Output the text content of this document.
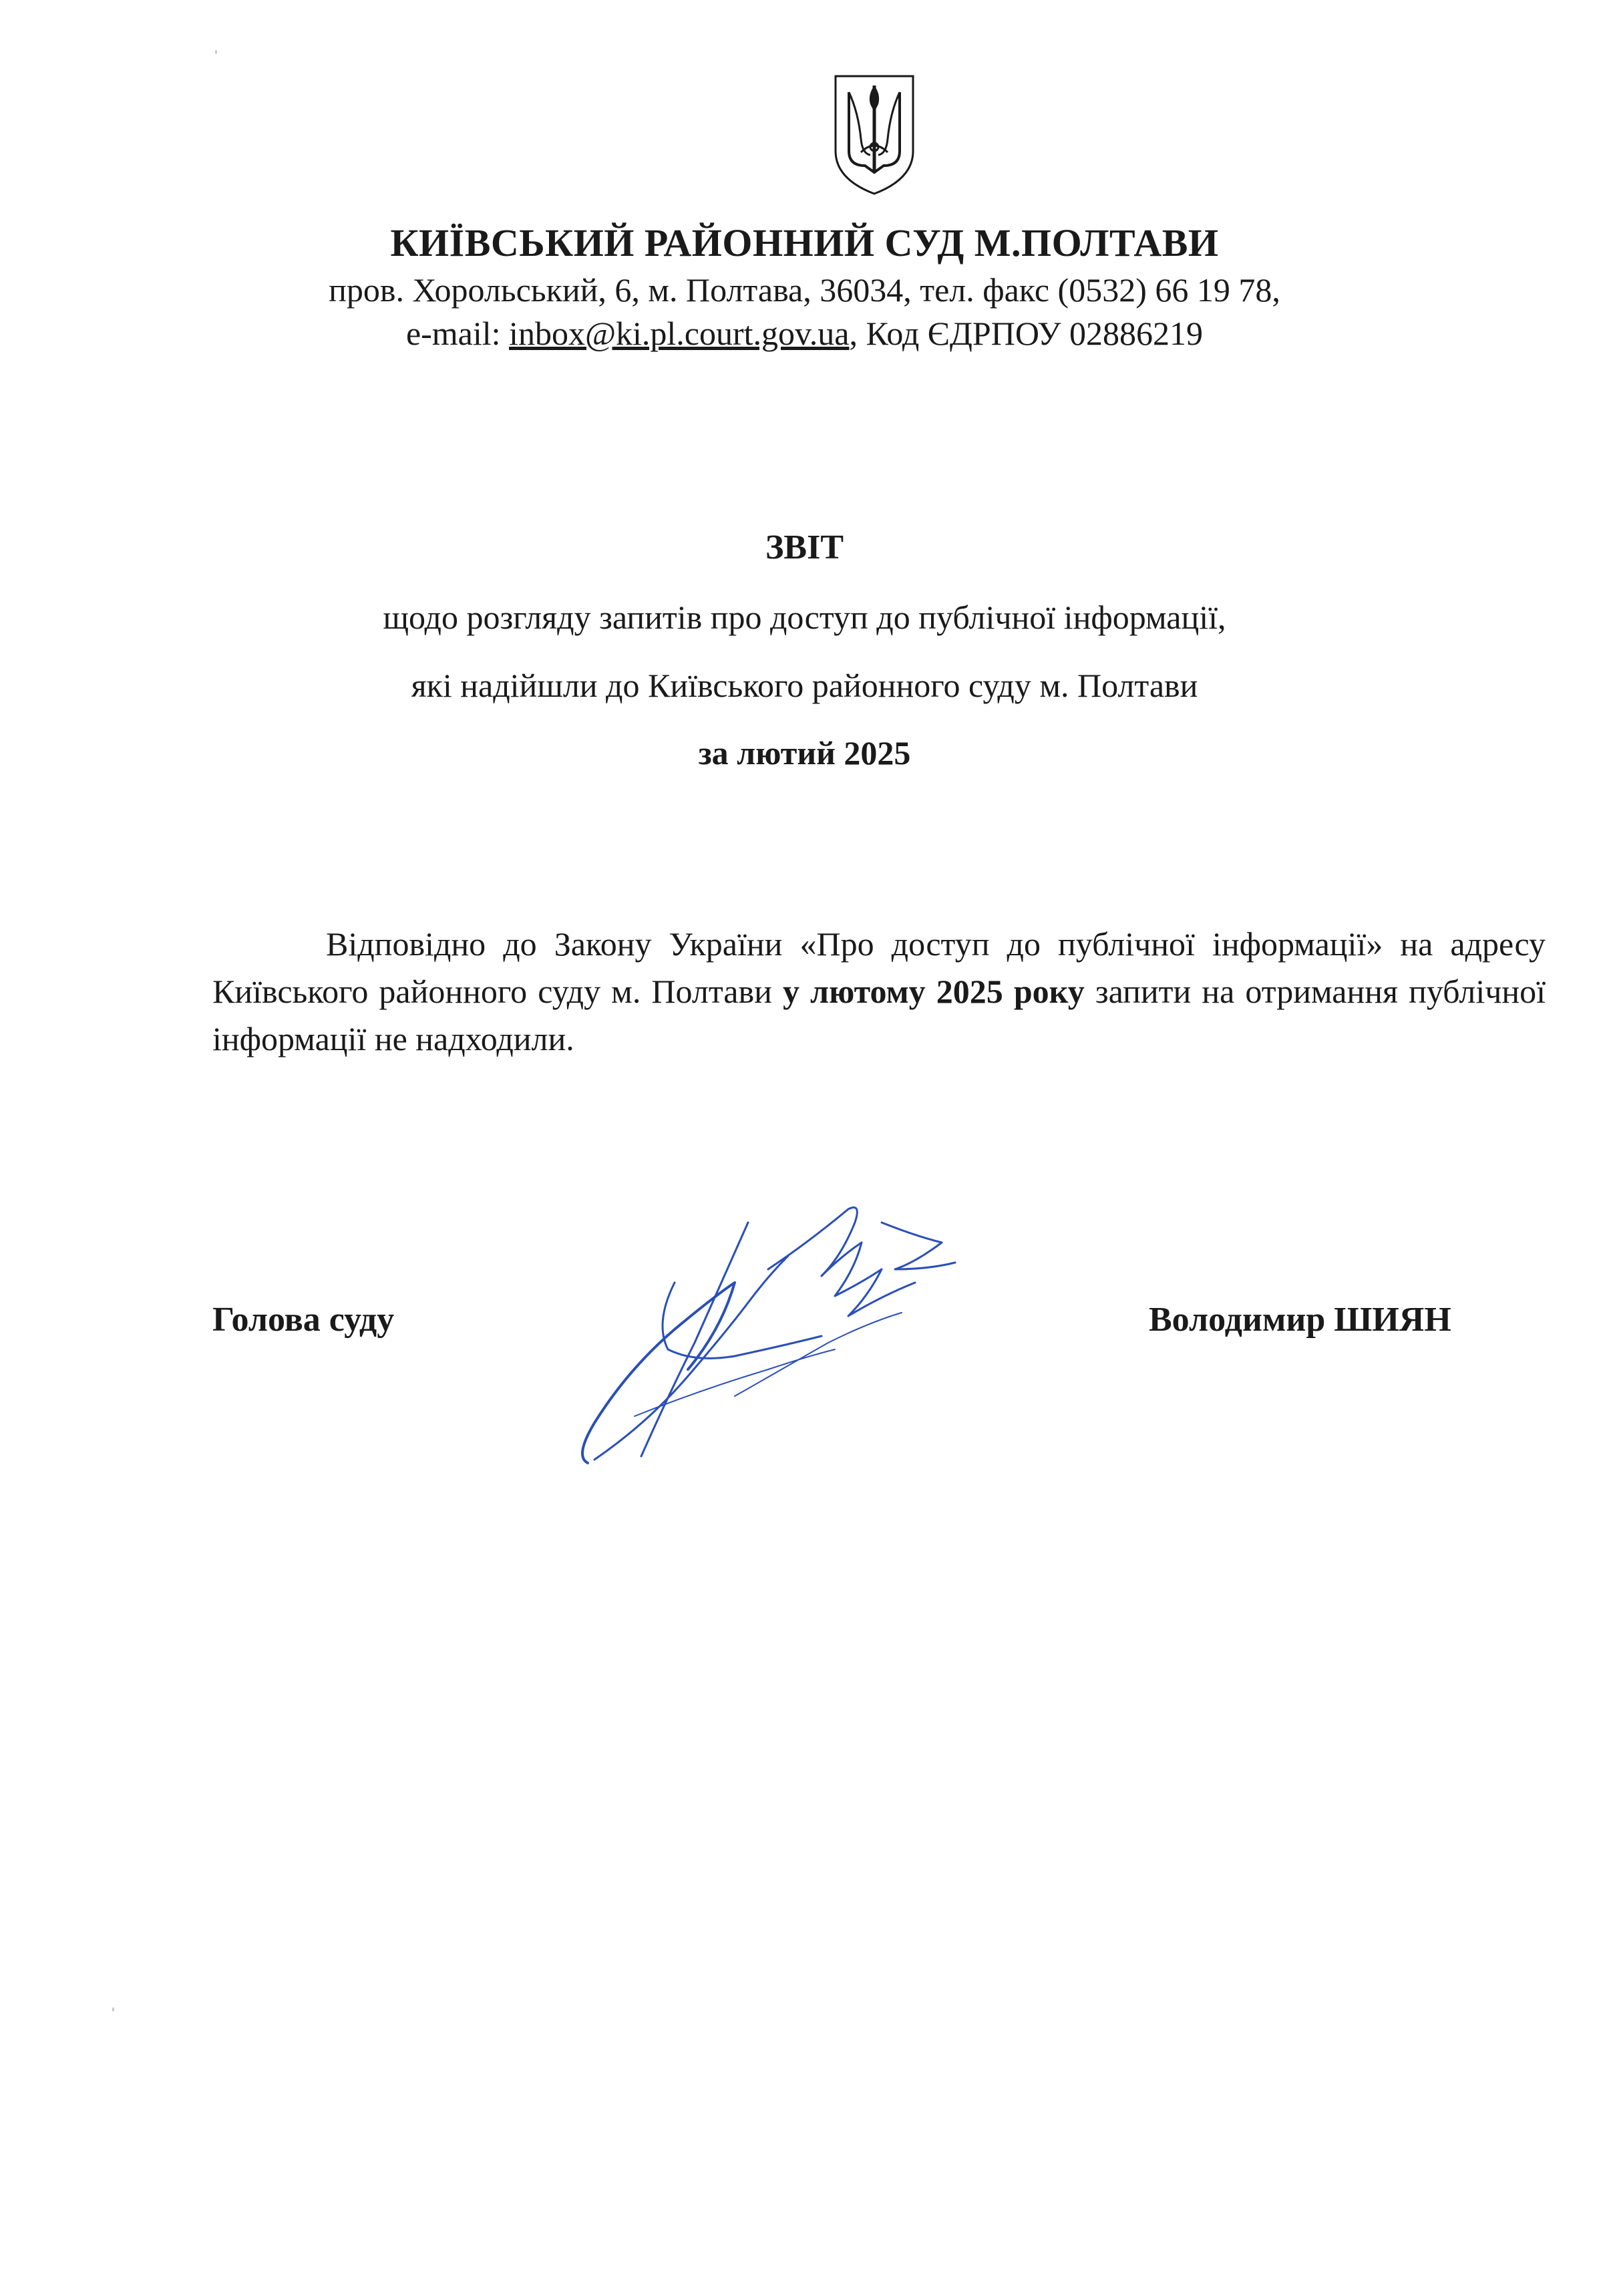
КИЇВСЬКИЙ РАЙОННИЙ СУД М.ПОЛТАВИ
пров. Хорольський, 6, м. Полтава, 36034, тел. факс (0532) 66 19 78,
e-mail: inbox@ki.pl.court.gov.ua, Код ЄДРПОУ 02886219
ЗВІТ
щодо розгляду запитів про доступ до публічної інформації,
які надійшли до Київського районного суду м. Полтави
за лютий 2025
Відповідно до Закону України «Про доступ до публічної інформації» на адресу Київського районного суду м. Полтави у лютому 2025 року запити на отримання публічної інформації не надходили.
Голова суду	Володимир ШИЯН
